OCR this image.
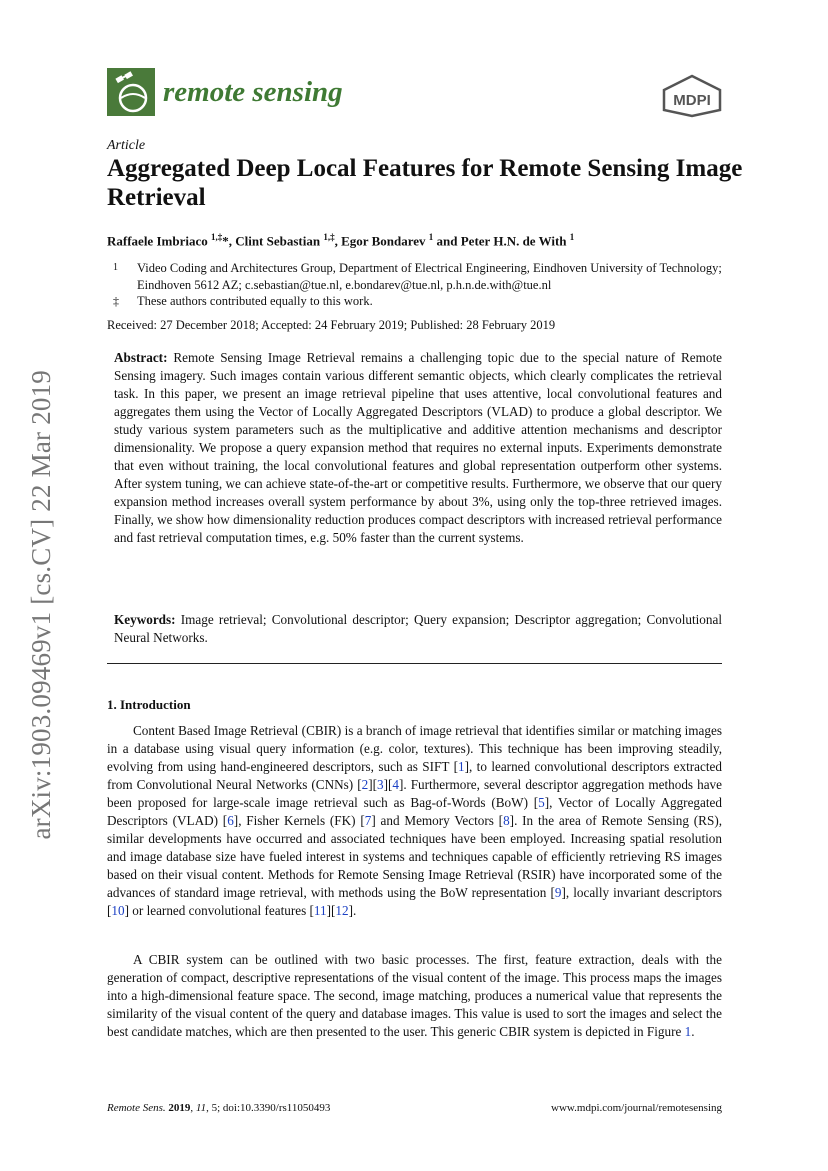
arXiv:1903.09469v1 [cs.CV] 22 Mar 2019
remote sensing	MDPI
Article
Aggregated Deep Local Features for Remote Sensing Image Retrieval
Raffaele Imbriaco $^{1,\ddagger}$*, Clint Sebastian $^{1,\ddagger}$, Egor Bondarev $^1$ and Peter H.N. de With $^1$
1	Video Coding and Architectures Group, Department of Electrical Engineering, Eindhoven University of Technology; Eindhoven 5612 AZ; c.sebastian@tue.nl, e.bondarev@tue.nl, p.h.n.de.with@tue.nl
‡	These authors contributed equally to this work.
Received: 27 December 2018; Accepted: 24 February 2019; Published: 28 February 2019

Abstract: Remote Sensing Image Retrieval remains a challenging topic due to the special nature of Remote Sensing imagery. Such images contain various different semantic objects, which clearly complicates the retrieval task. In this paper, we present an image retrieval pipeline that uses attentive, local convolutional features and aggregates them using the Vector of Locally Aggregated Descriptors (VLAD) to produce a global descriptor. We study various system parameters such as the multiplicative and additive attention mechanisms and descriptor dimensionality. We propose a query expansion method that requires no external inputs. Experiments demonstrate that even without training, the local convolutional features and global representation outperform other systems. After system tuning, we can achieve state-of-the-art or competitive results. Furthermore, we observe that our query expansion method increases overall system performance by about 3%, using only the top-three retrieved images. Finally, we show how dimensionality reduction produces compact descriptors with increased retrieval performance and fast retrieval computation times, e.g. 50% faster than the current systems.

Keywords: Image retrieval; Convolutional descriptor; Query expansion; Descriptor aggregation; Convolutional Neural Networks.

1. Introduction

Content Based Image Retrieval (CBIR) is a branch of image retrieval that identifies similar or matching images in a database using visual query information (e.g. color, textures). This technique has been improving steadily, evolving from using hand-engineered descriptors, such as SIFT [1], to learned convolutional descriptors extracted from Convolutional Neural Networks (CNNs) [2][3][4]. Furthermore, several descriptor aggregation methods have been proposed for large-scale image retrieval such as Bag-of-Words (BoW) [5], Vector of Locally Aggregated Descriptors (VLAD) [6], Fisher Kernels (FK) [7] and Memory Vectors [8]. In the area of Remote Sensing (RS), similar developments have occurred and associated techniques have been employed. Increasing spatial resolution and image database size have fueled interest in systems and techniques capable of efficiently retrieving RS images based on their visual content. Methods for Remote Sensing Image Retrieval (RSIR) have incorporated some of the advances of standard image retrieval, with methods using the BoW representation [9], locally invariant descriptors [10] or learned convolutional features [11][12].

A CBIR system can be outlined with two basic processes. The first, feature extraction, deals with the generation of compact, descriptive representations of the visual content of the image. This process maps the images into a high-dimensional feature space. The second, image matching, produces a numerical value that represents the similarity of the visual content of the query and database images. This value is used to sort the images and select the best candidate matches, which are then presented to the user. This generic CBIR system is depicted in Figure 1.

Remote Sens. 2019, 11, 5; doi:10.3390/rs11050493	www.mdpi.com/journal/remotesensing
